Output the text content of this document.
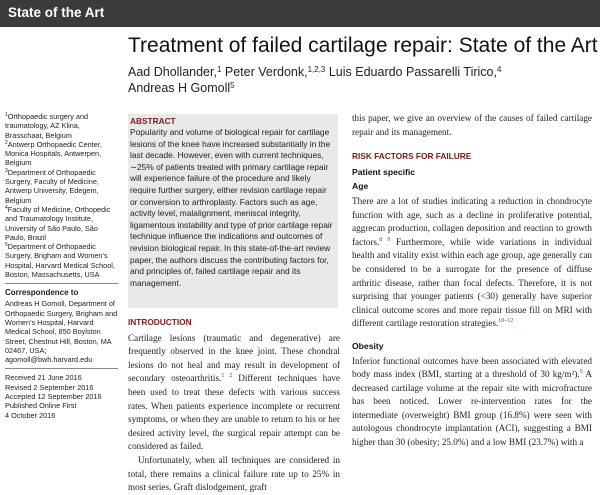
State of the Art
Treatment of failed cartilage repair: State of the Art
Aad Dhollander,$^1$ Peter Verdonk,$^{1,2,3}$ Luis Eduardo Passarelli Tirico,$^4$
Andreas H Gomoll$^5$
$^1$Orthopaedic surgery and traumatology, AZ Klina, Brasschaat, Belgium
$^2$Antwerp Orthopaedic Center, Monica Hospitals, Antwerpen, Belgium
$^3$Department of Orthopaedic Surgery, Faculty of Medicine, Antwerp University, Edegem, Belgium
$^4$Faculty of Medicine, Orthopedic and Traumatology Institute, University of São Paulo, São Paulo, Brazil
$^5$Department of Orthopaedic Surgery, Brigham and Women’s Hospital, Harvard Medical School, Boston, Massachusetts, USA
Correspondence to
Andreas H Gomoll, Department of Orthopaedic Surgery, Brigham and Women’s Hospital, Harvard Medical School, 850 Boylston Street, Chestnut Hill, Boston, MA 02467, USA; agomoll@bwh.harvard.edu
Received 21 June 2016
Revised 2 September 2016
Accepted 12 September 2016
Published Online First
4 October 2016
ABSTRACT
Popularity and volume of biological repair for cartilage lesions of the knee have increased substantially in the last decade. However, even with current techniques, ∼25% of patients treated with primary cartilage repair will experience failure of the procedure and likely require further surgery, either revision cartilage repair or conversion to arthroplasty. Factors such as age, activity level, malalignment, meniscal integrity, ligamentous instability and type of prior cartilage repair technique influence the indications and outcomes of revision biological repair. In this state-of-the-art review paper, the authors discuss the contributing factors for, and principles of, failed cartilage repair and its management.
INTRODUCTION

Cartilage lesions (traumatic and degenerative) are frequently observed in the knee joint. These chondral lesions do not heal and may result in development of secondary osteoarthritis.$^{1 2}$ Different techniques have been used to treat these defects with various success rates. When patients experience incomplete or recurrent symptoms, or when they are unable to return to his or her desired activity level, the surgical repair attempt can be considered as failed.

Unfortunately, when all techniques are considered in total, there remains a clinical failure rate up to 25% in most series. Graft dislodgement, graft

this paper, we give an overview of the causes of failed cartilage repair and its management.

RISK FACTORS FOR FAILURE
Patient specific
Age

There are a lot of studies indicating a reduction in chondrocyte function with age, such as a decline in proliferative potential, aggrecan production, collagen deposition and reaction to growth factors.$^{8 9}$ Furthermore, while wide variations in individual health and vitality exist within each age group, age generally can be considered to be a surrogate for the presence of diffuse arthritic disease, rather than focal defects. Therefore, it is not surprising that younger patients (<30) generally have superior clinical outcome scores and more repair tissue fill on MRI with different cartilage restoration strategies.$^{10-12}$

Obesity

Inferior functional outcomes have been associated with elevated body mass index (BMI, starting at a threshold of 30 kg/m²).$^5$ A decreased cartilage volume at the repair site with microfracture has been noticed. Lower re-intervention rates for the intermediate (overweight) BMI group (16.8%) were seen with autologous chondrocyte implantation (ACI), suggesting a BMI higher than 30 (obesity; 25.0%) and a low BMI (23.7%) with a
